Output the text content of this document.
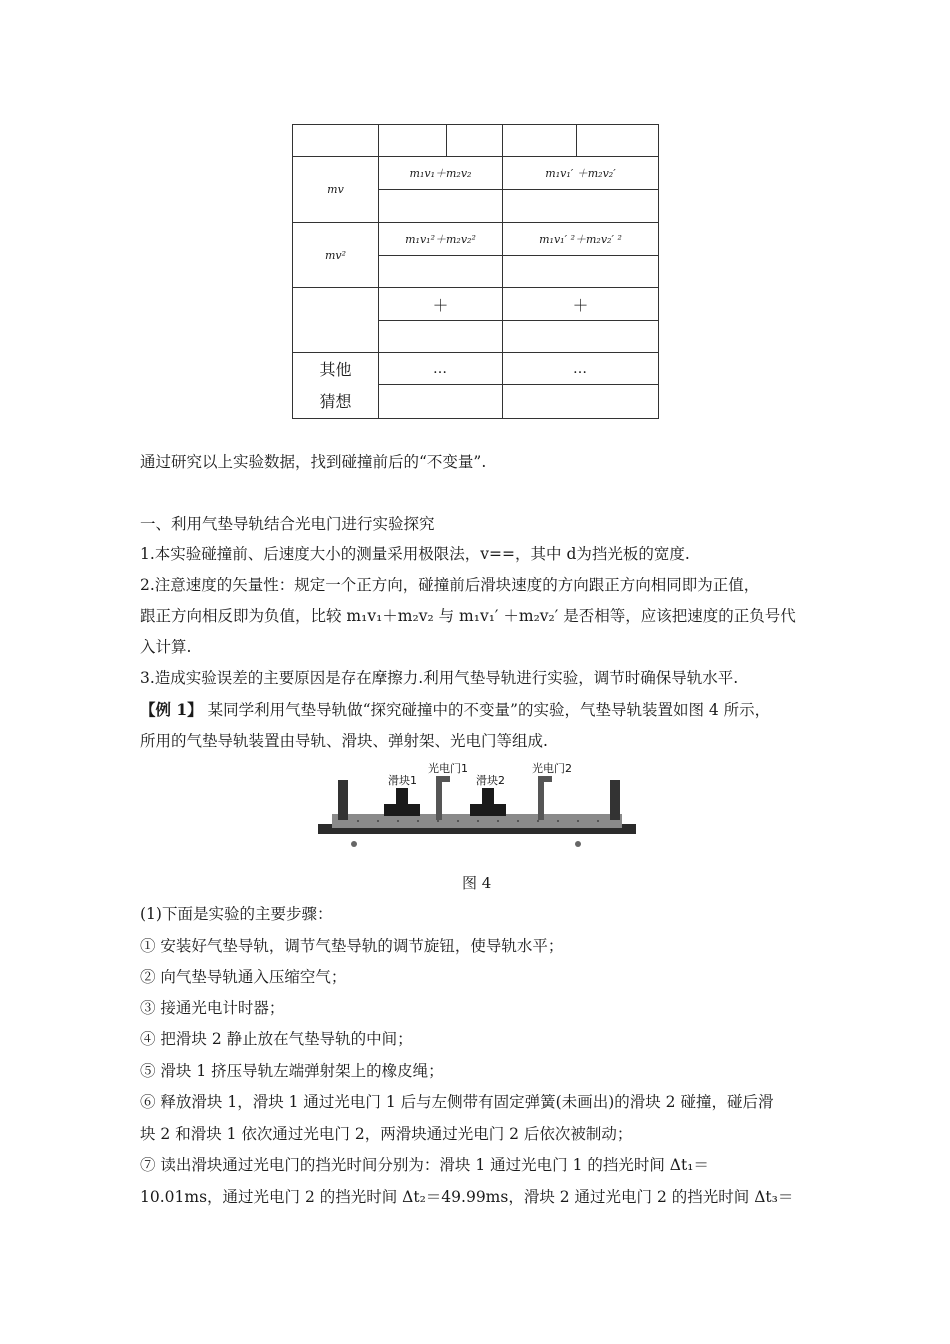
mv	m₁v₁＋m₂v₂		m₁v₁′ ＋m₂v₂′	

mv²	m₁v₁²＋m₂v₂²		m₁v₁′ ²＋m₂v₂′ ²	

	＋		＋	

其他
猜想	…		…	

通过研究以上实验数据，找到碰撞前后的“不变量”.
一、利用气垫导轨结合光电门进行实验探究
1.本实验碰撞前、后速度大小的测量采用极限法，v==，其中 d为挡光板的宽度.
2.注意速度的矢量性：规定一个正方向，碰撞前后滑块速度的方向跟正方向相同即为正值，
跟正方向相反即为负值，比较 m₁v₁＋m₂v₂ 与 m₁v₁′ ＋m₂v₂′ 是否相等，应该把速度的正负号代
入计算.
3.造成实验误差的主要原因是存在摩擦力.利用气垫导轨进行实验，调节时确保导轨水平.
【例 1】 某同学利用气垫导轨做“探究碰撞中的不变量”的实验，气垫导轨装置如图 4 所示，
所用的气垫导轨装置由导轨、滑块、弹射架、光电门等组成.
滑块1
光电门1
滑块2
光电门2
图 4
(1)下面是实验的主要步骤：
① 安装好气垫导轨，调节气垫导轨的调节旋钮，使导轨水平；
② 向气垫导轨通入压缩空气；
③ 接通光电计时器；
④ 把滑块 2 静止放在气垫导轨的中间；
⑤ 滑块 1 挤压导轨左端弹射架上的橡皮绳；
⑥ 释放滑块 1，滑块 1 通过光电门 1 后与左侧带有固定弹簧(未画出)的滑块 2 碰撞，碰后滑
块 2 和滑块 1 依次通过光电门 2，两滑块通过光电门 2 后依次被制动；
⑦ 读出滑块通过光电门的挡光时间分别为：滑块 1 通过光电门 1 的挡光时间 Δt₁＝
10.01ms，通过光电门 2 的挡光时间 Δt₂＝49.99ms，滑块 2 通过光电门 2 的挡光时间 Δt₃＝
